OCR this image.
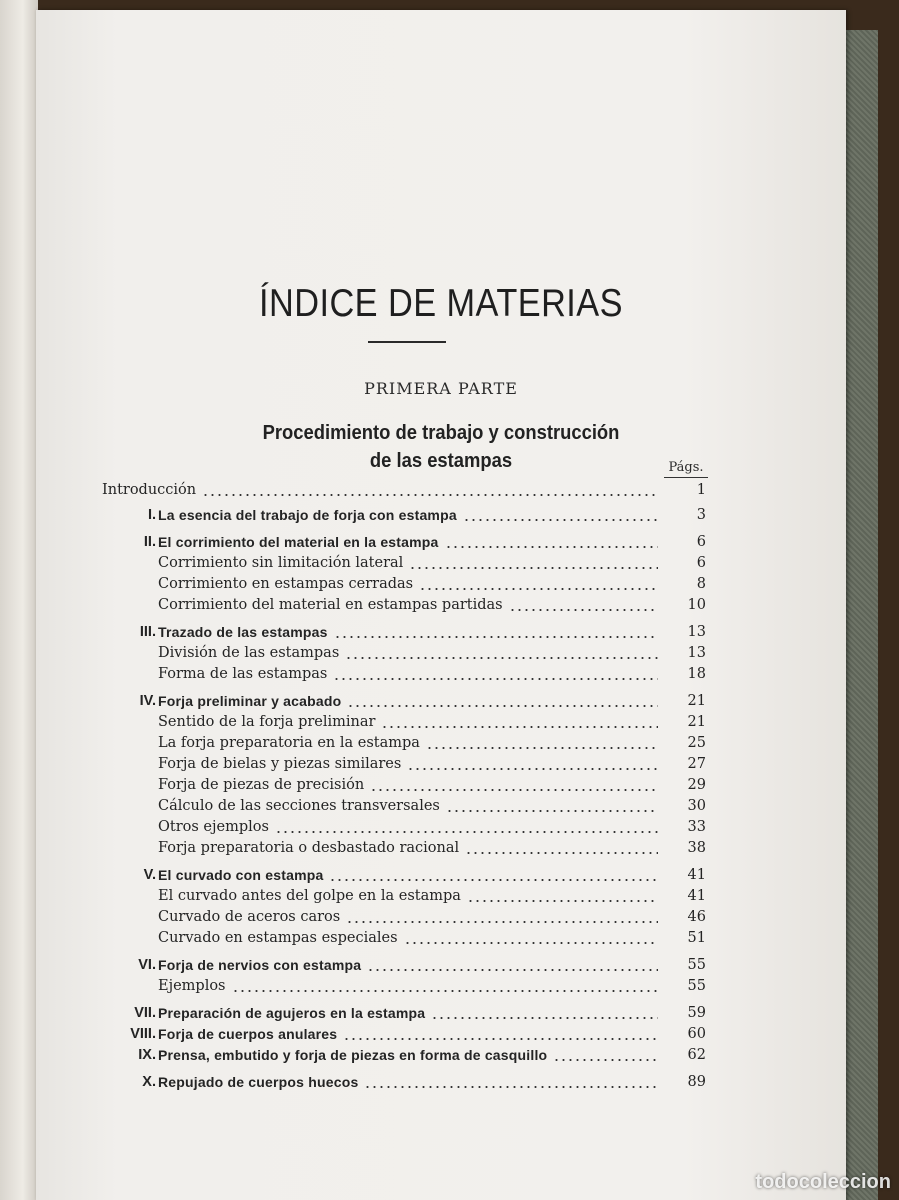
ÍNDICE DE MATERIAS
PRIMERA PARTE
Procedimiento de trabajo y construcción
de las estampas	Págs.
Introducción	1
I. La esencia del trabajo de forja con estampa	3
II. El corrimiento del material en la estampa	6
Corrimiento sin limitación lateral	6
Corrimiento en estampas cerradas	8
Corrimiento del material en estampas partidas	10
III. Trazado de las estampas	13
División de las estampas	13
Forma de las estampas	18
IV. Forja preliminar y acabado	21
Sentido de la forja preliminar	21
La forja preparatoria en la estampa	25
Forja de bielas y piezas similares	27
Forja de piezas de precisión	29
Cálculo de las secciones transversales	30
Otros ejemplos	33
Forja preparatoria o desbastado racional	38
V. El curvado con estampa	41
El curvado antes del golpe en la estampa	41
Curvado de aceros caros	46
Curvado en estampas especiales	51
VI. Forja de nervios con estampa	55
Ejemplos	55
VII. Preparación de agujeros en la estampa	59
VIII. Forja de cuerpos anulares	60
IX. Prensa, embutido y forja de piezas en forma de casquillo	62
X. Repujado de cuerpos huecos	89
todocoleccion
